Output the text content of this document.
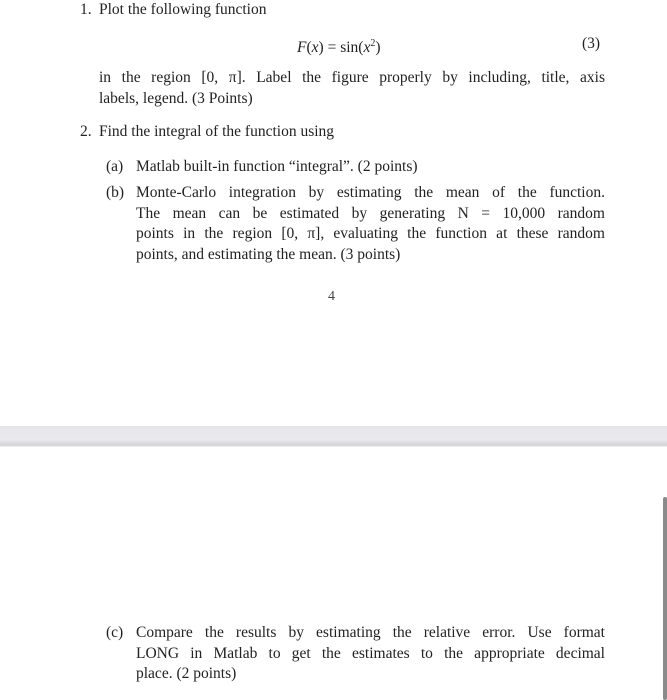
1. Plot the following function
$F(x) = \sin(x^2)$	(3)
in the region [0, π]. Label the figure properly by including, title, axis
labels, legend. (3 Points)
2. Find the integral of the function using
(a) Matlab built-in function “integral”. (2 points)
(b) Monte-Carlo integration by estimating the mean of the function.
The mean can be estimated by generating N = 10,000 random
points in the region [0, π], evaluating the function at these random
points, and estimating the mean. (3 points)
4
(c) Compare the results by estimating the relative error. Use format
LONG in Matlab to get the estimates to the appropriate decimal
place. (2 points)
